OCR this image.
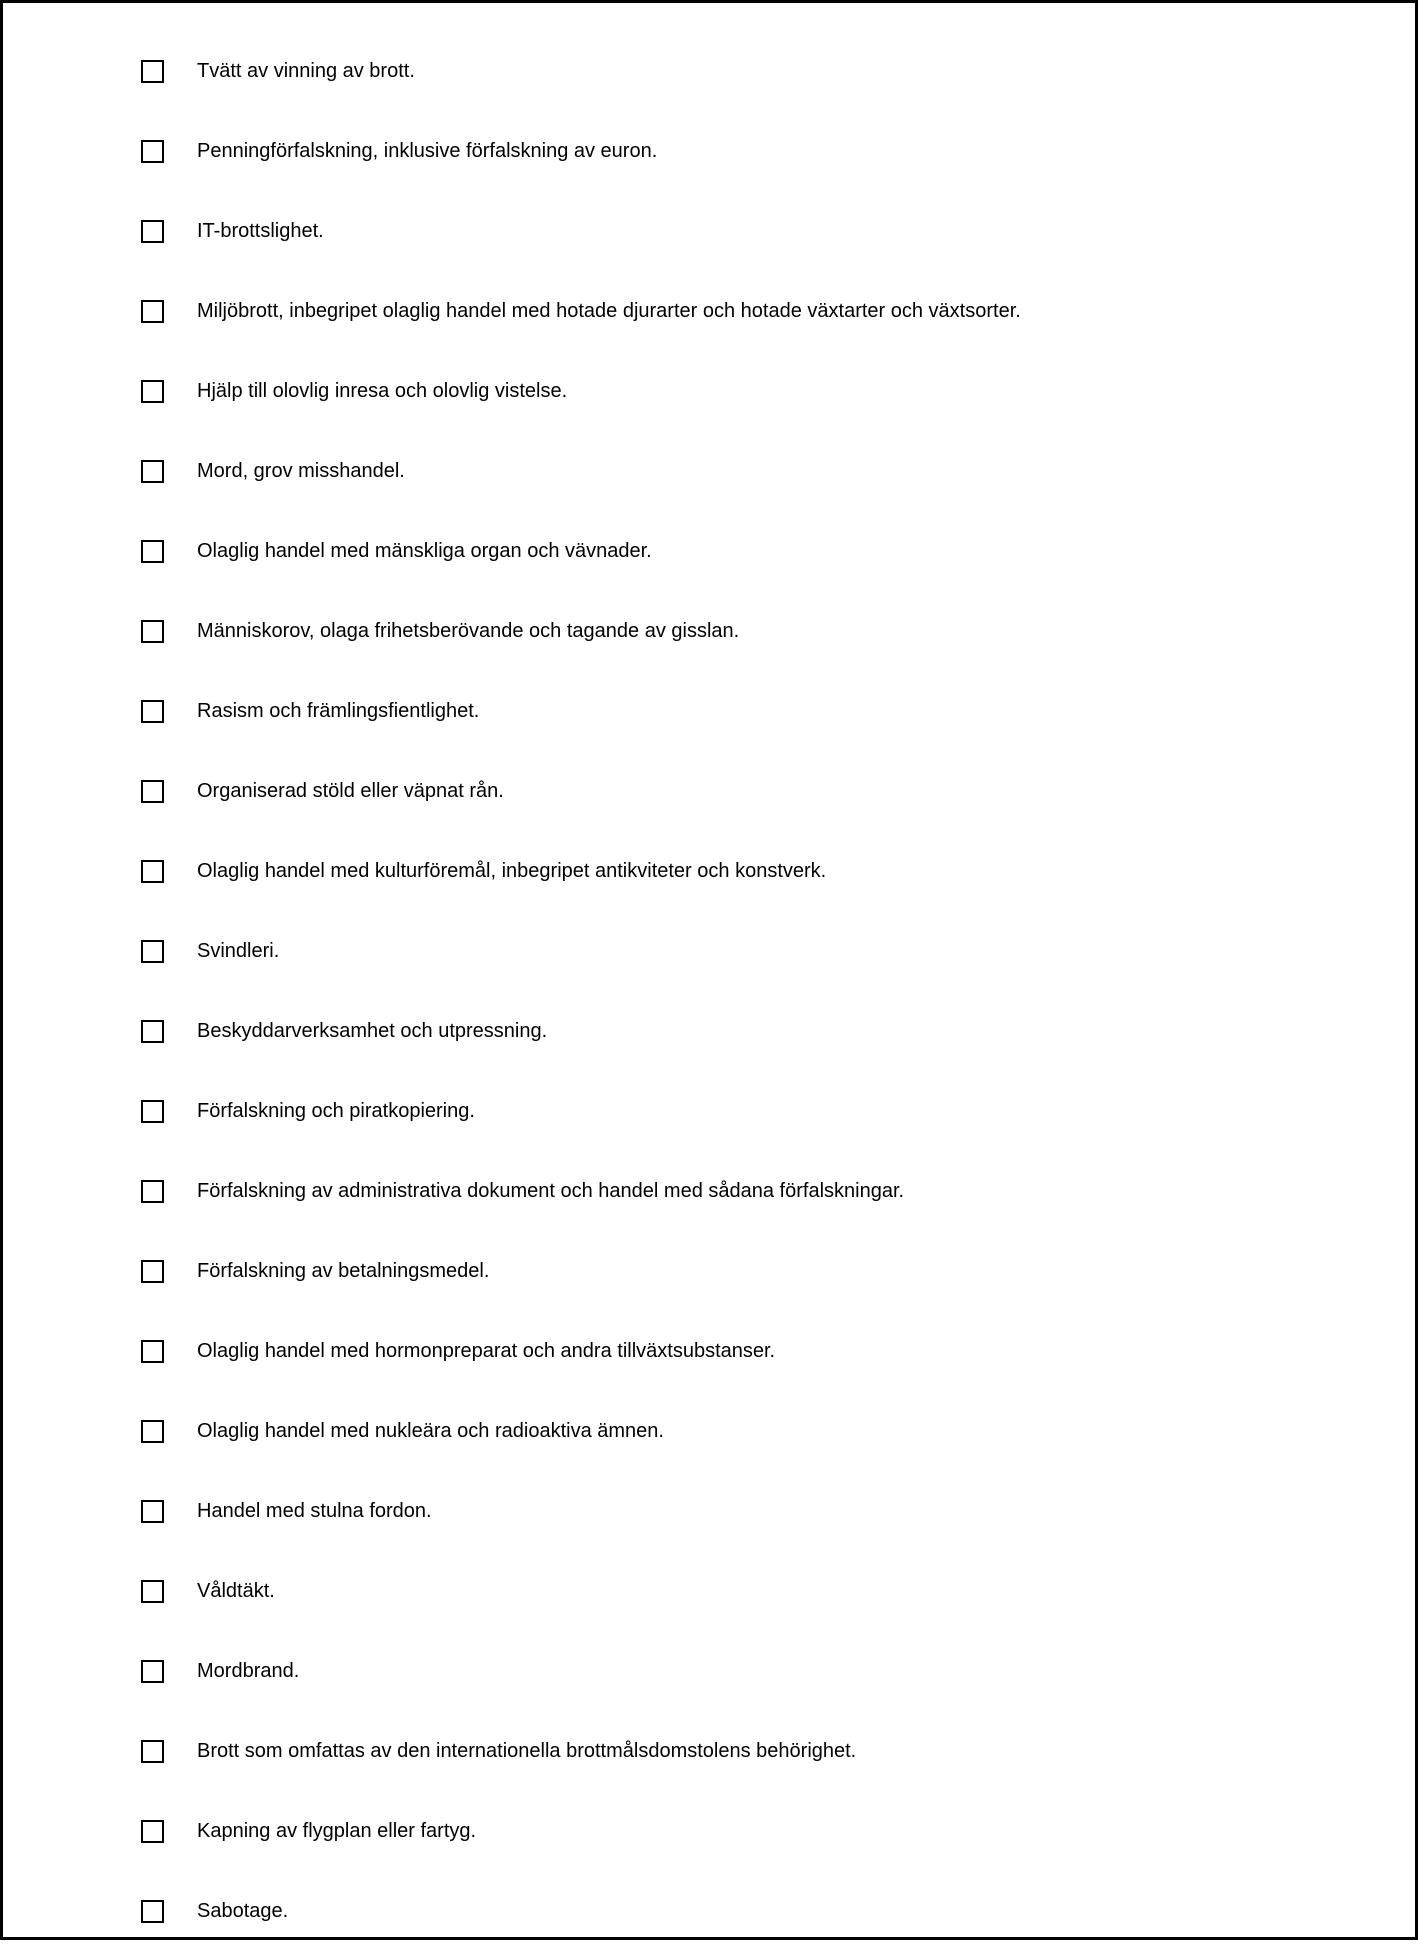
Tvätt av vinning av brott.
Penningförfalskning, inklusive förfalskning av euron.
IT-brottslighet.
Miljöbrott, inbegripet olaglig handel med hotade djurarter och hotade växtarter och växtsorter.
Hjälp till olovlig inresa och olovlig vistelse.
Mord, grov misshandel.
Olaglig handel med mänskliga organ och vävnader.
Människorov, olaga frihetsberövande och tagande av gisslan.
Rasism och främlingsfientlighet.
Organiserad stöld eller väpnat rån.
Olaglig handel med kulturföremål, inbegripet antikviteter och konstverk.
Svindleri.
Beskyddarverksamhet och utpressning.
Förfalskning och piratkopiering.
Förfalskning av administrativa dokument och handel med sådana förfalskningar.
Förfalskning av betalningsmedel.
Olaglig handel med hormonpreparat och andra tillväxtsubstanser.
Olaglig handel med nukleära och radioaktiva ämnen.
Handel med stulna fordon.
Våldtäkt.
Mordbrand.
Brott som omfattas av den internationella brottmålsdomstolens behörighet.
Kapning av flygplan eller fartyg.
Sabotage.
